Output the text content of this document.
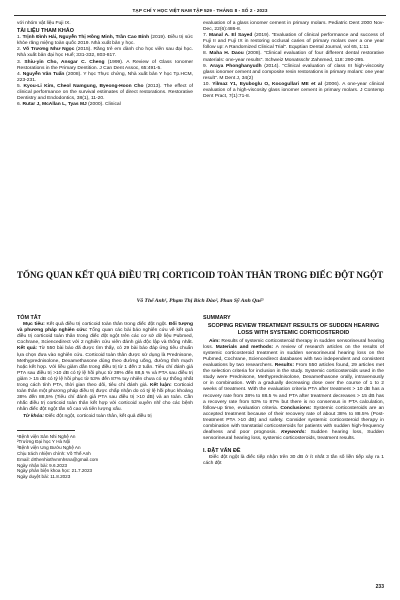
TẠP CHÍ Y HỌC VIỆT NAM TẬP 529 - THÁNG 8 - SỐ 2 - 2023
với nhóm vật liệu Fuji IX.
TÀI LIỆU THAM KHẢO
1. Trịnh Đình Hải, Nguyễn Thị Hồng Minh, Trần Cao Bính (2019). Điều trị sức khỏe răng miệng toàn quốc 2019. Nhà xuất bản y học.
2. Võ Trương Như Ngọc (2015). Răng trẻ em dành cho học viên sau đại học. Nhà xuất bản đại học Huế; 331-332, 803-817.
3. Shiu-yin Cho, Ansgar C. Cheng (1999). A Review of Glass Ionomer Restorations in the Primary Dentition. J Can Dent Assoc, 65:491-5.
4. Nguyễn Văn Tuấn (2008). Y học Thực chứng, Nhà xuất bản Y học Tp.HCM, 223-231.
5. Kyou-Li Kim, Cheol Namgung, Byeong-Hoon Cho (2013). The effect of clinical performance on the survival estimates of direct restorations. Restorative Dentistry and Endodontics, 38(1), 11-20.
6. Rutar J, McAllan L, Tyas MJ (2000). Clinical
evaluation of a glass ionomer cement in primary molars. Pediatric Dent 2000 Nov-Dec, 22(6):486-8.
7. Manal A. El Sayed (2019). "Evaluation of clinical performance and success of Fuji II and Fuji IX in restoring occlusal caries of primary molars over a one year follow up: A Randomized Clinical Trial". Equptian Dental Journal, vol 65, 1:11
8. Maha H. Daou (2008). "Clinical evaluation of four different dental restorative materials: one-year results". Schweiz Monatsschr Zahnmed, 118: 290-295.
9. Araya Phonghanyudh (2014). "Clinical evaluation of class III high-viscosity glass ionomer cement and composite resin restorations in primary molars: one year result". M Dent J, 34(2)
10. Yilmaz Y1, Eyuboglu O, Kocogullari ME et al (2006). A one-year clinical evaluation of a high-viscosity glass ionomer cement in primary molars. J Contemp Dent Pract, 7(1):71-8.
TỔNG QUAN KẾT QUẢ ĐIỀU TRỊ CORTICOID TOÀN THÂN TRONG ĐIẾC ĐỘT NGỘT
Võ Thế Anh¹, Phạm Thị Bích Đào², Phan Sỹ Anh Quế³
TÓM TẮT
Mục tiêu: Kết quả điều trị corticoid toàn thân trong điếc đột ngột. Đối tượng và phương pháp nghiên cứu: Tổng quan các bài báo nghiên cứu về kết quả điều trị corticoid toàn thân trong điếc đột ngột trên các cơ sở dữ liệu Pubmed, Cochrane, Sciencedirect với 2 nghiên cứu viên đánh giá độc lập và thống nhất. Kết quả: Từ 550 bài báo đã được tìm thấy, có 29 bài báo đáp ứng tiêu chuẩn lựa chọn đưa vào nghiên cứu. Corticoid toàn thân được sử dụng là Prednisone, Methyprednisolone, Dexamethasone dùng theo đường uống, đường tĩnh mạch hoặc kết hợp. Với liều giảm dần trong điều trị từ 1 đến 2 tuần. Tiêu chí đánh giá PTA sau điều trị >10 dB có tỷ lệ hồi phục từ 38% đến 88,5 % và PTA sau điều trị giảm > 15 dB có tỷ lệ hồi phục từ 53% đến 87% tuy nhiên chưa có sự thống nhất trong cách tính PTA, thời gian theo dõi, tiêu chí đánh giá. Kết luận: Corticoid toàn thân một phương pháp điều trị được chấp nhận do có tỷ lệ hồi phục khoảng 38% đến 88,5% (Tiêu chí đánh giá PTA sau điều trị >10 dB) và an toàn. Cần nhắc điều trị corticoid toàn thân kết hợp với corticoid xuyên nhĩ cho các bệnh nhân điếc đột ngột tần số cao và tiên lượng xấu.
Từ khóa: Điếc đột ngột, corticoid toàn thân, kết quả điều trị
¹Bệnh viện Sản Nhi Nghệ An
²Trường Đại học Y Hà Nội
³Bệnh viện Ung Bướu Nghệ An
Chịu trách nhiệm chính: Võ Thế Anh
Email: drthenhiothvnmhsna@gmail.com
Ngày nhận bài: 9.6.2023
Ngày phản biện khoa học: 21.7.2023
Ngày duyệt bài: 11.8.2023
SUMMARY
SCOPING REVIEW TREATMENT RESULTS OF SUDDEN HEARING LOSS WITH SYSTEMIC CORTICOSTEROID
Aim: Results of systemic corticosteroid therapy in sudden sensorineural hearing loss. Materials and methods: A review of research articles on the results of systemic corticosteroid treatment in sudden sensorineural hearing loss on the Pubmed, Cochrane, Sciencedirect databases with two independent and consistent evaluations by two researchers. Results: From 550 articles found, 29 articles met the selection criteria for inclusion in the study. Systemic corticosteroids used in the study were Prednisone, Methyprednisolone, Dexamethasone orally, intravenously or in combination. With a gradually decreasing dose over the course of 1 to 2 weeks of treatment. With the evaluation criteria PTA after treatment > 10 dB has a recovery rate from 38% to 88.5 % and PTA after treatment decreases > 15 dB has a recovery rate from 53% to 87% but there is no consensus in PTA calculation, follow-up time, evaluation criteria. Conclusions: Systemic corticosteroids are an accepted treatment because of their recovery rate of about 38% to 88.5% (Post-treatment PTA >10 dB) and safety. Consider systemic corticosteroid therapy in combination with transtatial corticosteroids for patients with sudden high-frequency deafness and poor prognosis. Keywords: Sudden hearing loss, Sudden sensorineural hearing loss, systemic corticosteroids, treatment results.
I. ĐẶT VẤN ĐỀ
Điếc đột ngột là điếc tiếp nhận trên 30 dB ở ít nhất 3 tần số liền tiếp xảy ra 1 cách đột
233
